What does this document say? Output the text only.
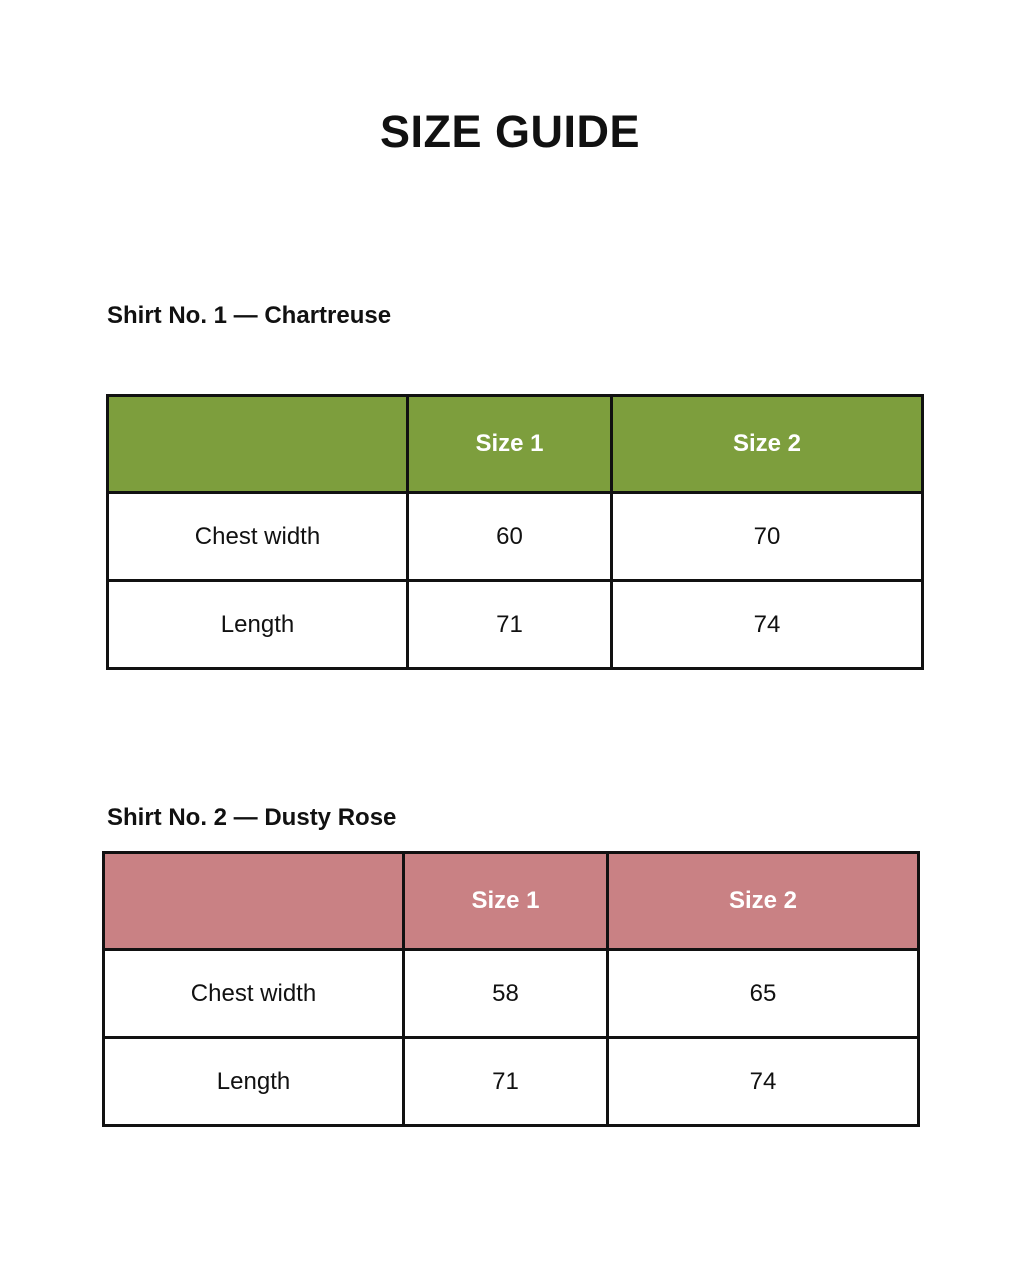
SIZE GUIDE
Shirt No. 1 — Chartreuse
	Size 1	Size 2
Chest width	60	70
Length	71	74
Shirt No. 2 — Dusty Rose
	Size 1	Size 2
Chest width	58	65
Length	71	74
